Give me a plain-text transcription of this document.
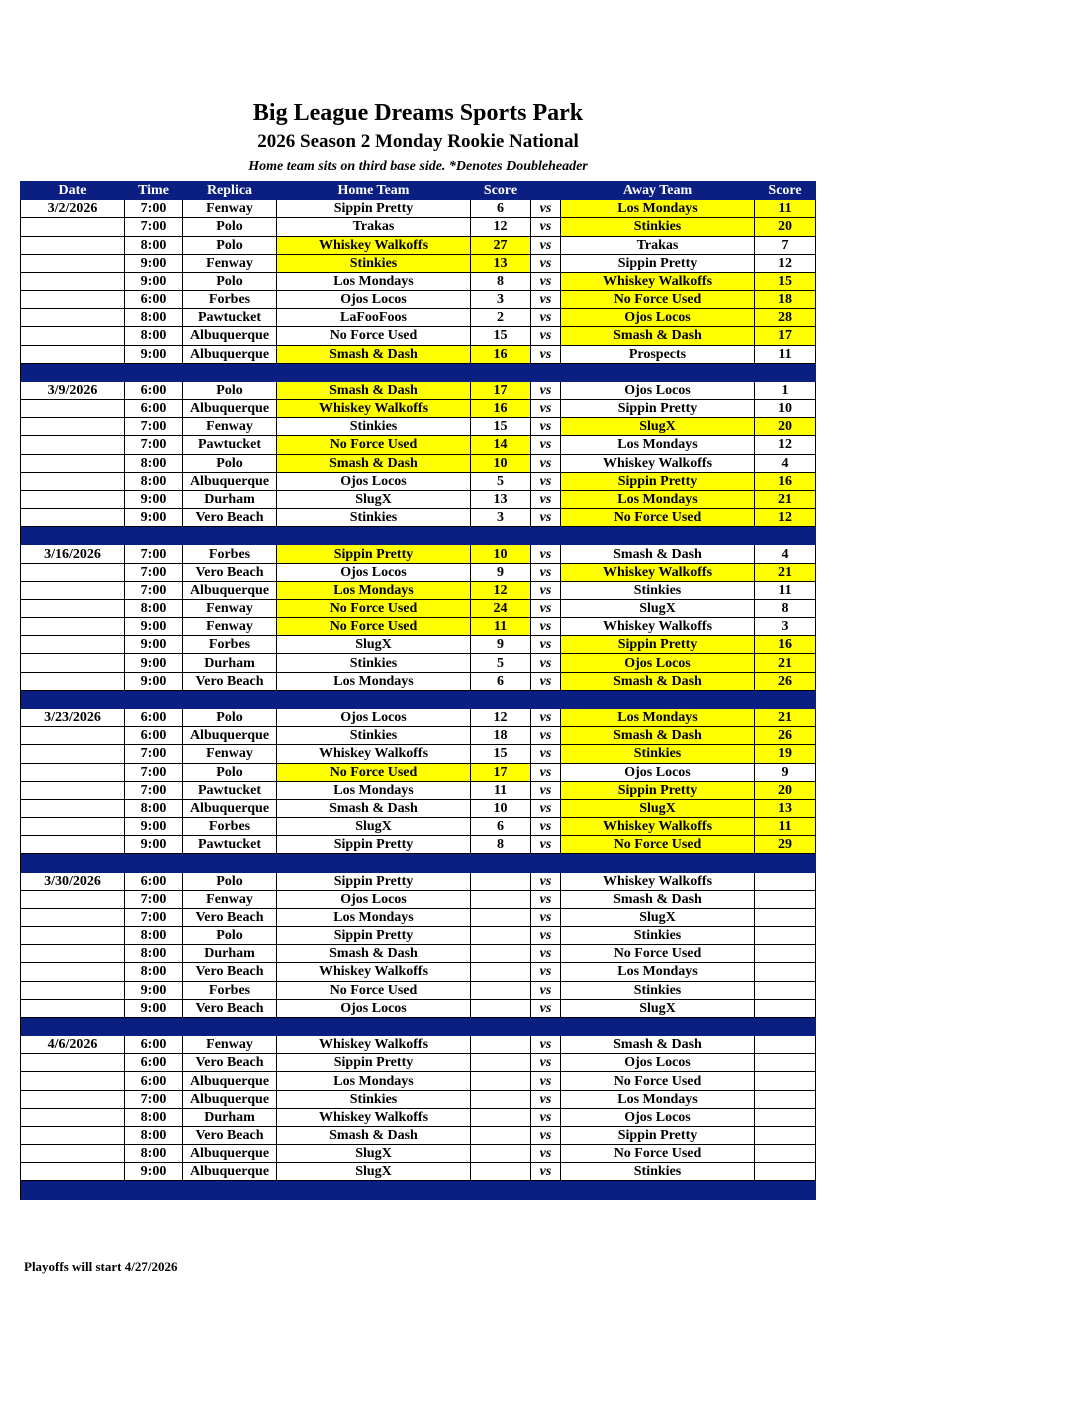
Big League Dreams Sports Park
2026 Season 2 Monday Rookie National
Home team sits on third base side. *Denotes Doubleheader
Date	Time	Replica	Home Team	Score		Away Team	Score
3/2/2026	7:00	Fenway	Sippin Pretty	6	vs	Los Mondays	11
	7:00	Polo	Trakas	12	vs	Stinkies	20
	8:00	Polo	Whiskey Walkoffs	27	vs	Trakas	7
	9:00	Fenway	Stinkies	13	vs	Sippin Pretty	12
	9:00	Polo	Los Mondays	8	vs	Whiskey Walkoffs	15
	6:00	Forbes	Ojos Locos	3	vs	No Force Used	18
	8:00	Pawtucket	LaFooFoos	2	vs	Ojos Locos	28
	8:00	Albuquerque	No Force Used	15	vs	Smash & Dash	17
	9:00	Albuquerque	Smash & Dash	16	vs	Prospects	11

3/9/2026	6:00	Polo	Smash & Dash	17	vs	Ojos Locos	1
	6:00	Albuquerque	Whiskey Walkoffs	16	vs	Sippin Pretty	10
	7:00	Fenway	Stinkies	15	vs	SlugX	20
	7:00	Pawtucket	No Force Used	14	vs	Los Mondays	12
	8:00	Polo	Smash & Dash	10	vs	Whiskey Walkoffs	4
	8:00	Albuquerque	Ojos Locos	5	vs	Sippin Pretty	16
	9:00	Durham	SlugX	13	vs	Los Mondays	21
	9:00	Vero Beach	Stinkies	3	vs	No Force Used	12

3/16/2026	7:00	Forbes	Sippin Pretty	10	vs	Smash & Dash	4
	7:00	Vero Beach	Ojos Locos	9	vs	Whiskey Walkoffs	21
	7:00	Albuquerque	Los Mondays	12	vs	Stinkies	11
	8:00	Fenway	No Force Used	24	vs	SlugX	8
	9:00	Fenway	No Force Used	11	vs	Whiskey Walkoffs	3
	9:00	Forbes	SlugX	9	vs	Sippin Pretty	16
	9:00	Durham	Stinkies	5	vs	Ojos Locos	21
	9:00	Vero Beach	Los Mondays	6	vs	Smash & Dash	26

3/23/2026	6:00	Polo	Ojos Locos	12	vs	Los Mondays	21
	6:00	Albuquerque	Stinkies	18	vs	Smash & Dash	26
	7:00	Fenway	Whiskey Walkoffs	15	vs	Stinkies	19
	7:00	Polo	No Force Used	17	vs	Ojos Locos	9
	7:00	Pawtucket	Los Mondays	11	vs	Sippin Pretty	20
	8:00	Albuquerque	Smash & Dash	10	vs	SlugX	13
	9:00	Forbes	SlugX	6	vs	Whiskey Walkoffs	11
	9:00	Pawtucket	Sippin Pretty	8	vs	No Force Used	29

3/30/2026	6:00	Polo	Sippin Pretty		vs	Whiskey Walkoffs	
	7:00	Fenway	Ojos Locos		vs	Smash & Dash	
	7:00	Vero Beach	Los Mondays		vs	SlugX	
	8:00	Polo	Sippin Pretty		vs	Stinkies	
	8:00	Durham	Smash & Dash		vs	No Force Used	
	8:00	Vero Beach	Whiskey Walkoffs		vs	Los Mondays	
	9:00	Forbes	No Force Used		vs	Stinkies	
	9:00	Vero Beach	Ojos Locos		vs	SlugX	

4/6/2026	6:00	Fenway	Whiskey Walkoffs		vs	Smash & Dash	
	6:00	Vero Beach	Sippin Pretty		vs	Ojos Locos	
	6:00	Albuquerque	Los Mondays		vs	No Force Used	
	7:00	Albuquerque	Stinkies		vs	Los Mondays	
	8:00	Durham	Whiskey Walkoffs		vs	Ojos Locos	
	8:00	Vero Beach	Smash & Dash		vs	Sippin Pretty	
	8:00	Albuquerque	SlugX		vs	No Force Used	
	9:00	Albuquerque	SlugX		vs	Stinkies	

Playoffs will start 4/27/2026
